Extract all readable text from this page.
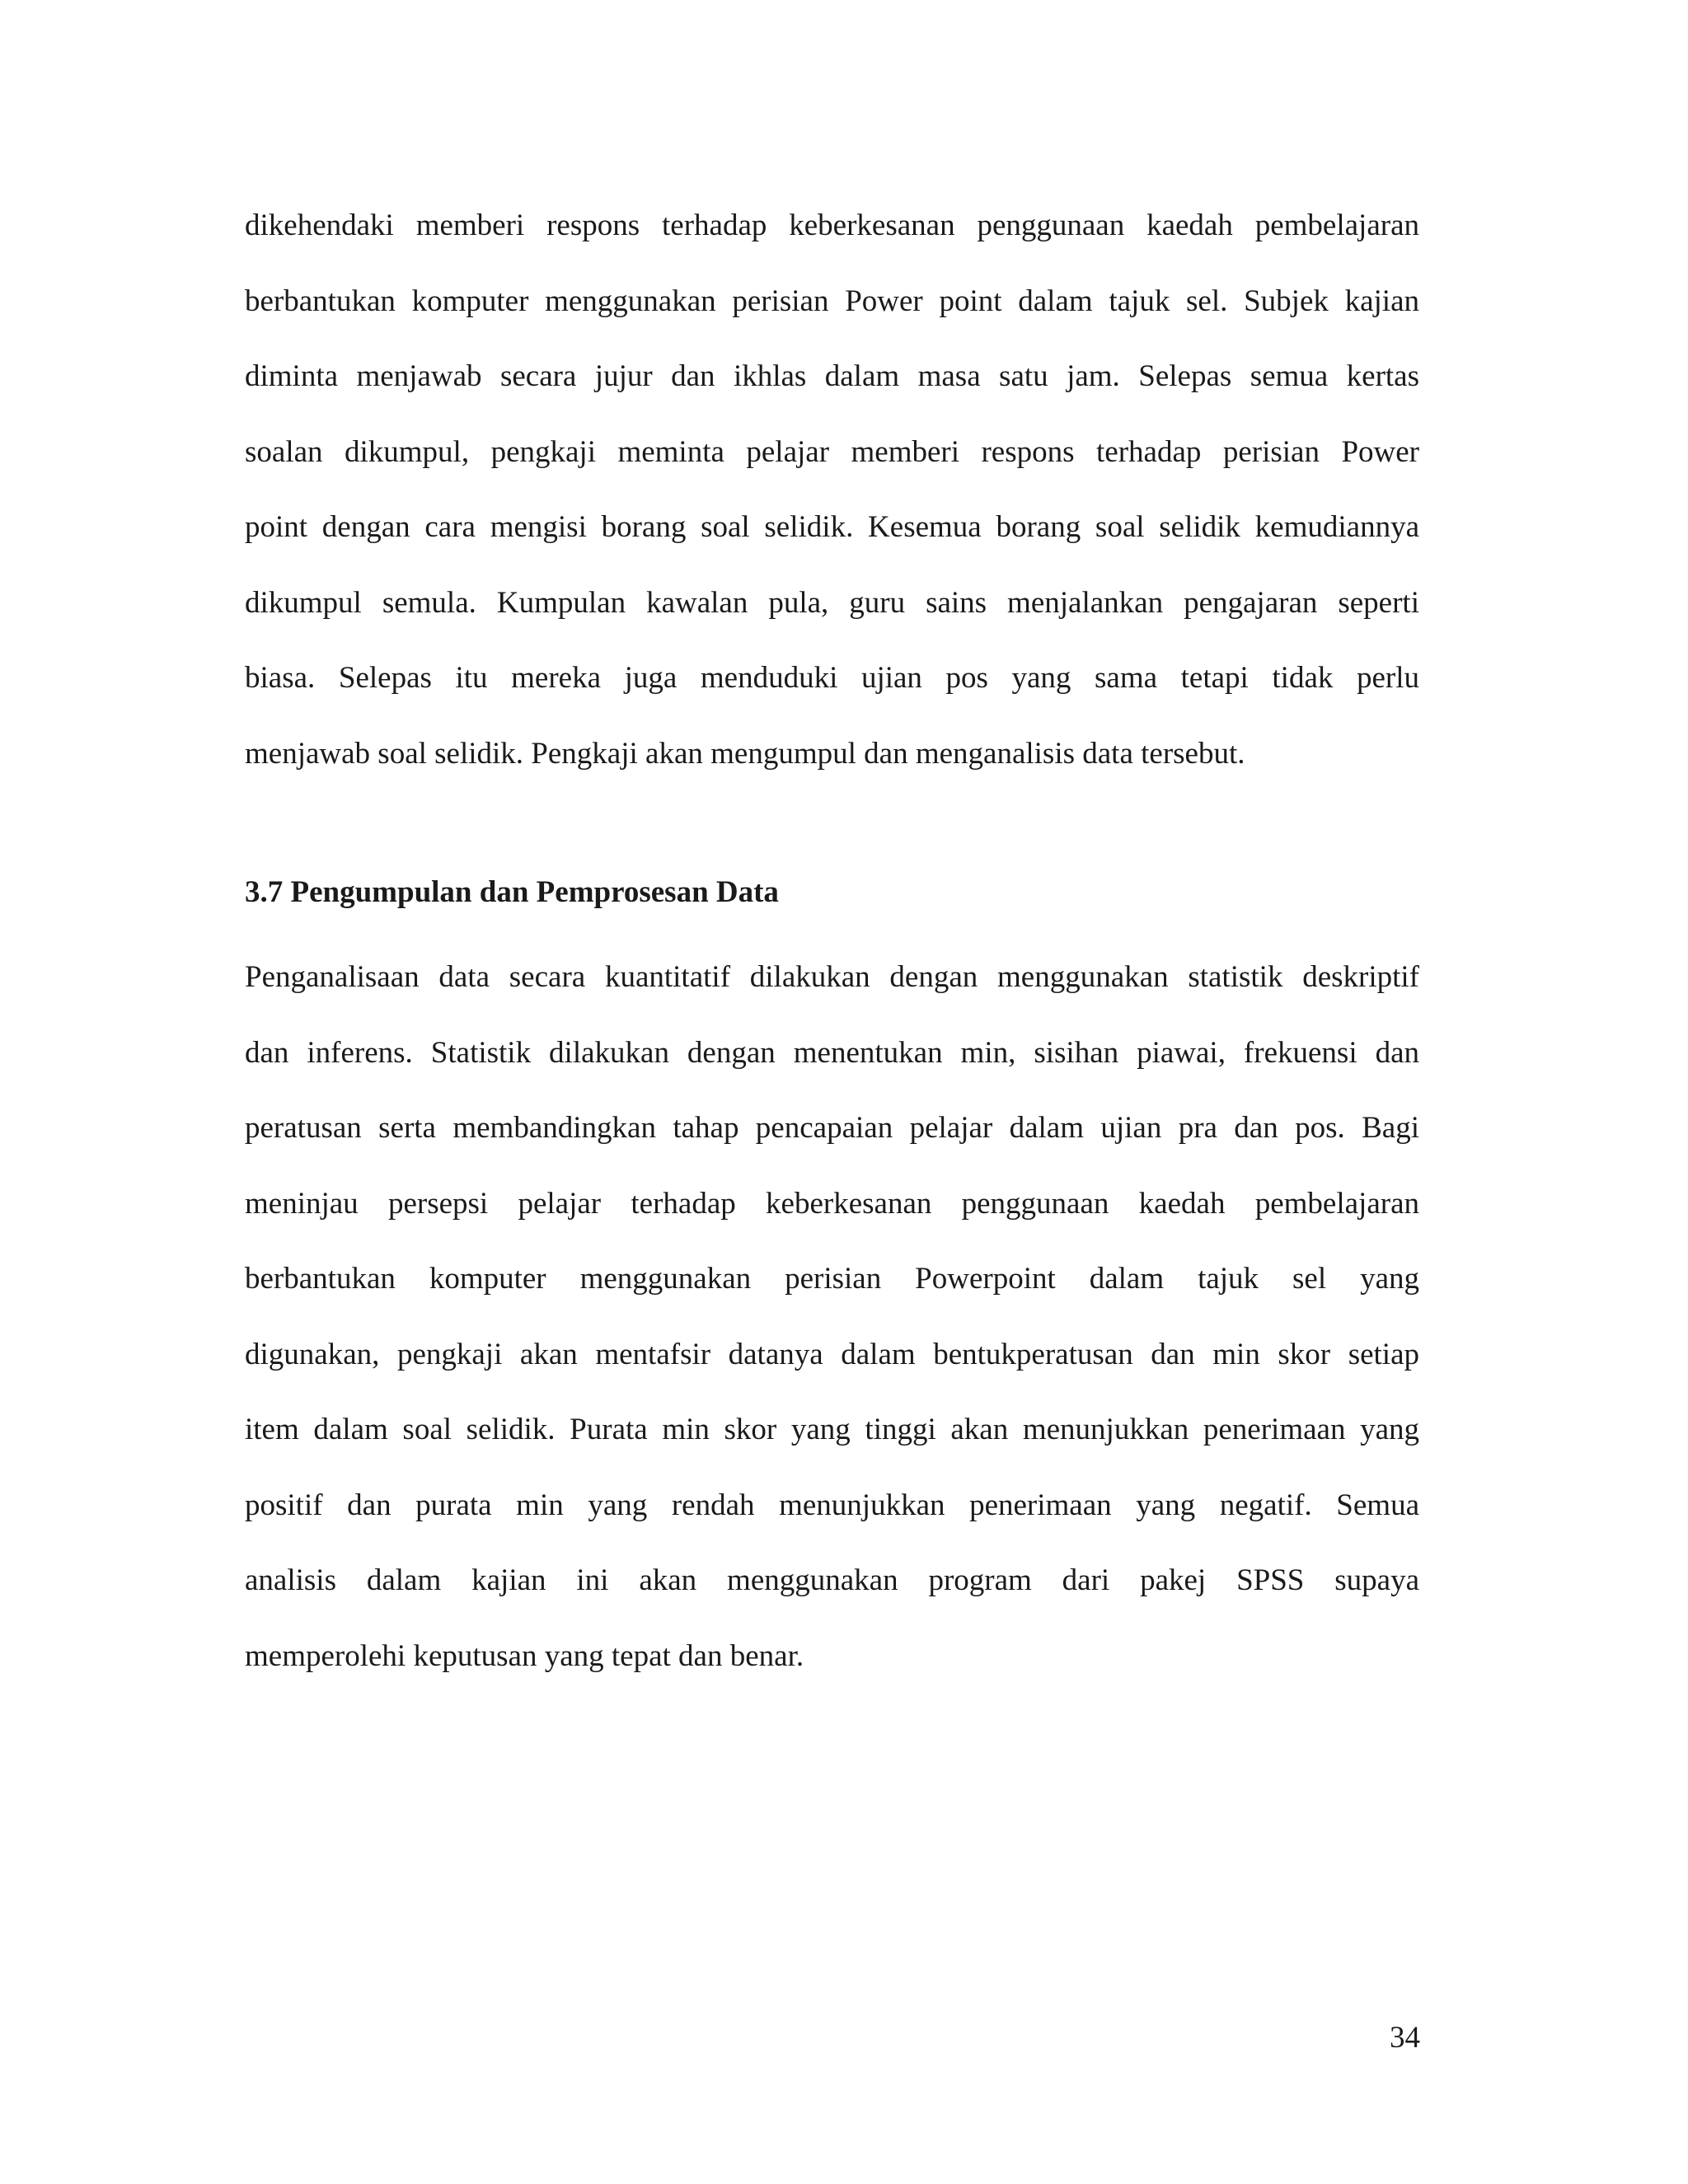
dikehendaki memberi respons terhadap keberkesanan penggunaan kaedah pembelajaran
berbantukan komputer menggunakan perisian Power point dalam tajuk sel. Subjek kajian
diminta menjawab secara jujur dan ikhlas dalam masa satu jam. Selepas semua kertas
soalan dikumpul, pengkaji meminta pelajar memberi respons terhadap perisian Power
point dengan cara mengisi borang soal selidik. Kesemua borang soal selidik kemudiannya
dikumpul semula. Kumpulan kawalan pula, guru sains menjalankan pengajaran seperti
biasa. Selepas itu mereka juga menduduki ujian pos yang sama tetapi tidak perlu
menjawab soal selidik. Pengkaji akan mengumpul dan menganalisis data tersebut.
3.7 Pengumpulan dan Pemprosesan Data
Penganalisaan data secara kuantitatif dilakukan dengan menggunakan statistik deskriptif
dan inferens. Statistik dilakukan dengan menentukan min, sisihan piawai, frekuensi dan
peratusan serta membandingkan tahap pencapaian pelajar dalam ujian pra dan pos. Bagi
meninjau persepsi pelajar terhadap keberkesanan penggunaan kaedah pembelajaran
berbantukan komputer menggunakan perisian Powerpoint dalam tajuk sel yang
digunakan, pengkaji akan mentafsir datanya dalam bentukperatusan dan min skor setiap
item dalam soal selidik. Purata min skor yang tinggi akan menunjukkan penerimaan yang
positif dan purata min yang rendah menunjukkan penerimaan yang negatif. Semua
analisis dalam kajian ini akan menggunakan program dari pakej SPSS supaya
memperolehi keputusan yang tepat dan benar.
34
